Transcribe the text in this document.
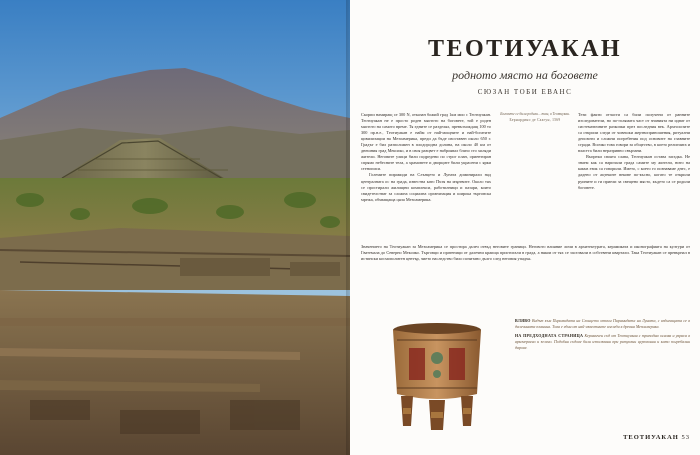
ТЕОТИУАКАН
родното място на боговете
СЮЗАН ТОБИ ЕВАНС

Скорпи намиращ се 300 N, отказан божий град 1км мио с Теотиуакан. Теотиуакан не е просто роден мястото на боговете, той е роден мястото на самото време. Тя едните се разделял, превъзхождащ 100 то 300 пр.н.е., Теотиуакан е найм от най-мощните и най-богатите цивилизации на Мезоамерика, преди да бъде изоставен около 650 г. Градът е бил разположен в плодородна долина, на около 40 км от днешния град Мексико, и в своя разцвет е наброявал близо сто хиляди жители. Неговите улици били подредени по строг план, ориентиран спрямо небесните тела, а храмовете и дворците били украсени с ярки стенописи.

Големите пирамиди на Слънцето и Луната доминирали над централната ос на града, известна като Пътя на мъртвите. Около тях се простирали жилищни комплекси, работилници и пазари, които свидетелстват за сложна социална организация и широка търговска мрежа, обхващаща цяла Мезоамерика.

Боговете се били родили... там, в Теотиукан.
Бернардино де Саагун, 1569

Тези факти отчасти са били получени от ранните изследователи, но по-голямата част от знанията ни идват от систематичните разкопки през последния век. Археолозите са открили следи от човешки жертвоприношения, ритуални депозити и сложни погребения под основите на главните сгради. Всичко това говори за общество, в което религията и властта били неразривно свързани.

Въпреки своята слава, Теотиуакан остава загадка. Не знаем как са наричали града самите му жители, нито на какъв език са говорили. Името, с което го познаваме днес, е дадено от ацтеките векове по-късно, когато те открили руините и ги приели за свещено място, където са се родили боговете.

Значението на Теотиуакан за Мезоамерика се простира далеч отвъд неговите граници. Неговото влияние личи в архитектурата, керамиката и иконографията на култури от Гватемала до Северно Мексико. Търговци и пратеници от далечни краища пристигали в града, а някои от тях се заселвали в собствени квартали. Така Теотиуакан се превърнал в истински космополитен център, чието наследство било почитано дълго след неговия упадък.

ВЛЯВО Видът към Пирамидата на Слънцето откъм Пирамидата на Луната, с издигащата се в далечината планина. Това е един от най-известните изгледи в древна Мезоамерика.

НА ПРЕДХОДНАТА СТРАНИЦА Керамичен съд от Теотиуакан с триподна основа и украса в яркочервено и зелено. Подобни съдове били използвани при ритуални церемонии и като погребални дарове.

ТЕОТИУАКАН 53
